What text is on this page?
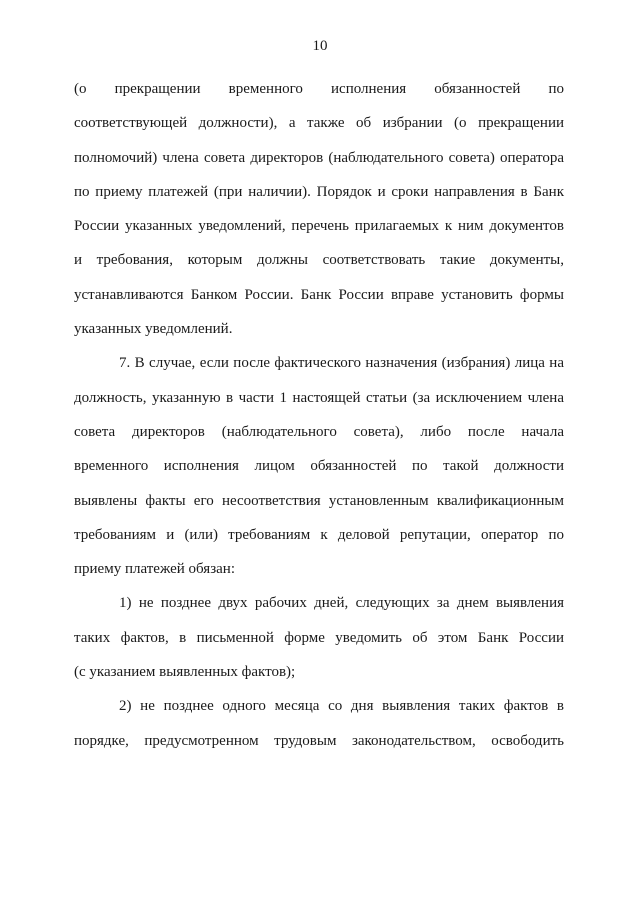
10
(о прекращении временного исполнения обязанностей по
соответствующей должности), а также об избрании (о прекращении
полномочий) члена совета директоров (наблюдательного совета) оператора
по приему платежей (при наличии). Порядок и сроки направления в Банк
России указанных уведомлений, перечень прилагаемых к ним документов
и требования, которым должны соответствовать такие документы,
устанавливаются Банком России. Банк России вправе установить формы
указанных уведомлений.
7. В случае, если после фактического назначения (избрания) лица на
должность, указанную в части 1 настоящей статьи (за исключением члена
совета директоров (наблюдательного совета), либо после начала
временного исполнения лицом обязанностей по такой должности
выявлены факты его несоответствия установленным квалификационным
требованиям и (или) требованиям к деловой репутации, оператор по
приему платежей обязан:
1) не позднее двух рабочих дней, следующих за днем выявления
таких фактов, в письменной форме уведомить об этом Банк России
(с указанием выявленных фактов);
2) не позднее одного месяца со дня выявления таких фактов в
порядке, предусмотренном трудовым законодательством, освободить
